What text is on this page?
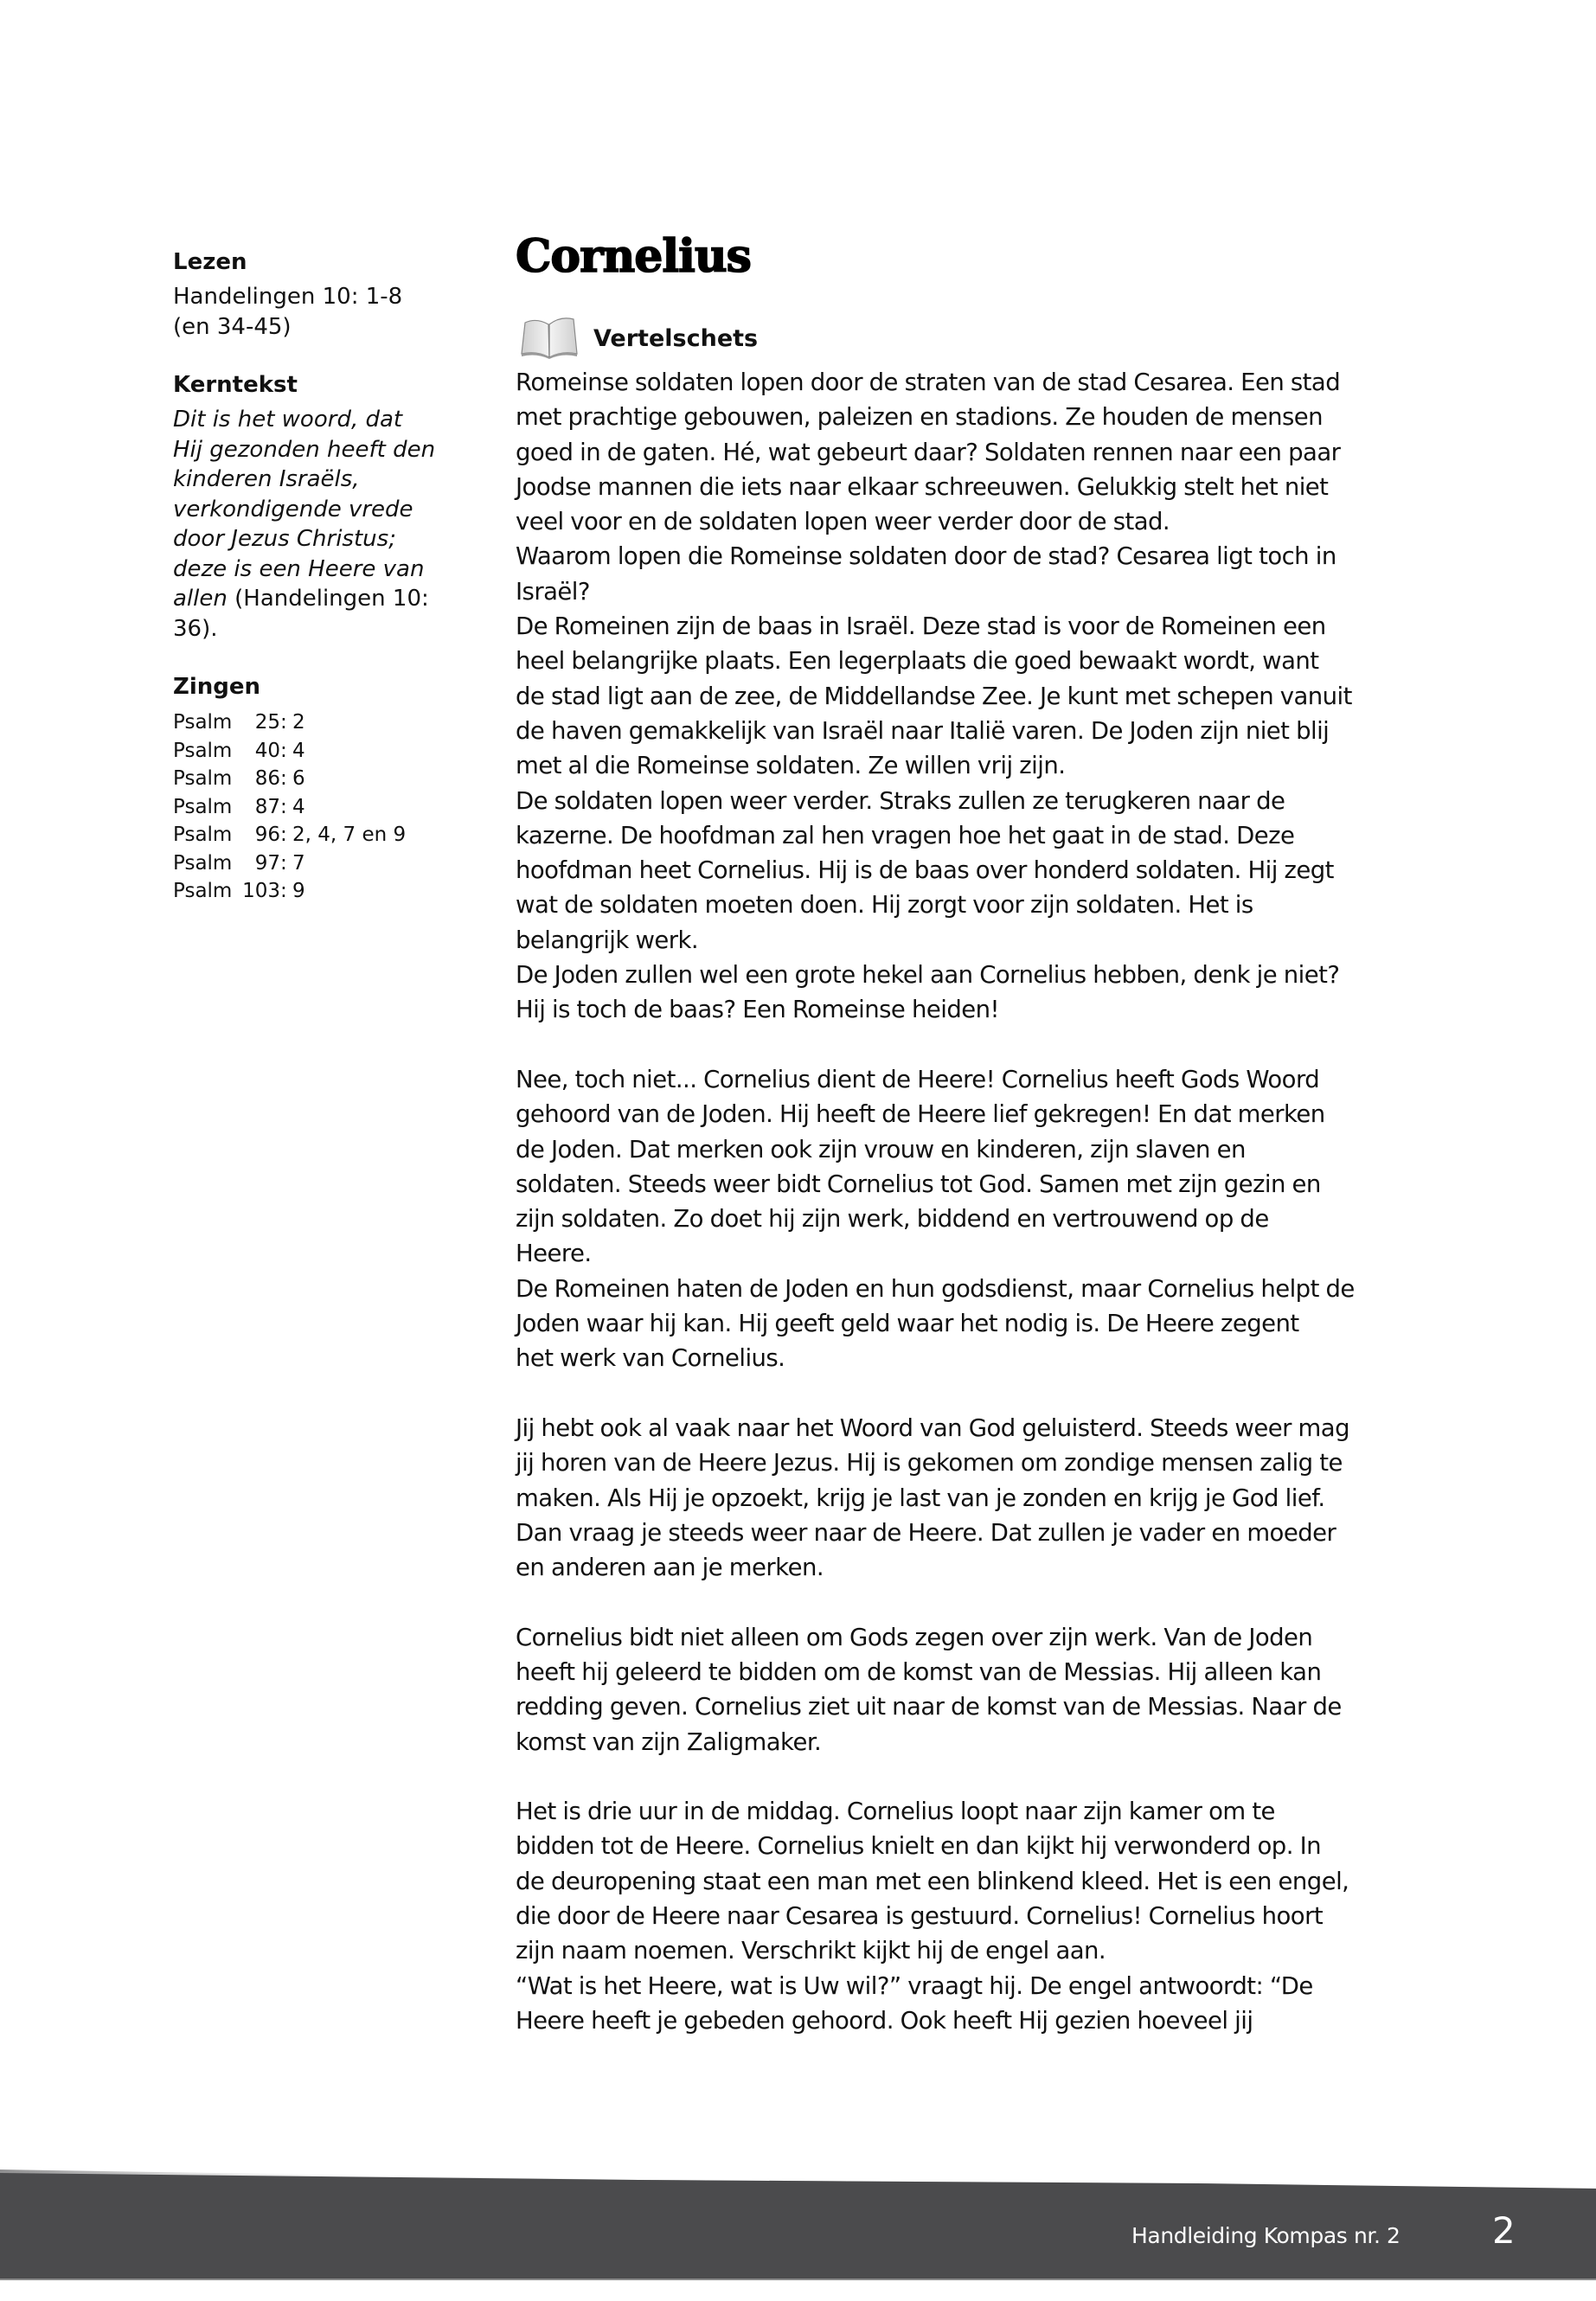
Lezen
Handelingen 10: 1-8
(en 34-45)
Kerntekst
Dit is het woord, dat
Hij gezonden heeft den
kinderen Israëls,
verkondigende vrede
door Jezus Christus;
deze is een Heere van
allen (Handelingen 10:
36).
Zingen
Psalm	25 : 2
Psalm	40 : 4
Psalm	86 : 6
Psalm	87 : 4
Psalm	96 : 2, 4, 7 en 9
Psalm	97 : 7
Psalm 103 : 9
Cornelius
Vertelschets
Romeinse soldaten lopen door de straten van de stad Cesarea. Een stad
met prachtige gebouwen, paleizen en stadions. Ze houden de mensen
goed in de gaten. Hé, wat gebeurt daar? Soldaten rennen naar een paar
Joodse mannen die iets naar elkaar schreeuwen. Gelukkig stelt het niet
veel voor en de soldaten lopen weer verder door de stad.
Waarom lopen die Romeinse soldaten door de stad? Cesarea ligt toch in
Israël?
De Romeinen zijn de baas in Israël. Deze stad is voor de Romeinen een
heel belangrijke plaats. Een legerplaats die goed bewaakt wordt, want
de stad ligt aan de zee, de Middellandse Zee. Je kunt met schepen vanuit
de haven gemakkelijk van Israël naar Italië varen. De Joden zijn niet blij
met al die Romeinse soldaten. Ze willen vrij zijn.
De soldaten lopen weer verder. Straks zullen ze terugkeren naar de
kazerne. De hoofdman zal hen vragen hoe het gaat in de stad. Deze
hoofdman heet Cornelius. Hij is de baas over honderd soldaten. Hij zegt
wat de soldaten moeten doen. Hij zorgt voor zijn soldaten. Het is
belangrijk werk.
De Joden zullen wel een grote hekel aan Cornelius hebben, denk je niet?
Hij is toch de baas? Een Romeinse heiden!
Nee, toch niet... Cornelius dient de Heere! Cornelius heeft Gods Woord
gehoord van de Joden. Hij heeft de Heere lief gekregen! En dat merken
de Joden. Dat merken ook zijn vrouw en kinderen, zijn slaven en
soldaten. Steeds weer bidt Cornelius tot God. Samen met zijn gezin en
zijn soldaten. Zo doet hij zijn werk, biddend en vertrouwend op de
Heere.
De Romeinen haten de Joden en hun godsdienst, maar Cornelius helpt de
Joden waar hij kan. Hij geeft geld waar het nodig is. De Heere zegent
het werk van Cornelius.
Jij hebt ook al vaak naar het Woord van God geluisterd. Steeds weer mag
jij horen van de Heere Jezus. Hij is gekomen om zondige mensen zalig te
maken. Als Hij je opzoekt, krijg je last van je zonden en krijg je God lief.
Dan vraag je steeds weer naar de Heere. Dat zullen je vader en moeder
en anderen aan je merken.
Cornelius bidt niet alleen om Gods zegen over zijn werk. Van de Joden
heeft hij geleerd te bidden om de komst van de Messias. Hij alleen kan
redding geven. Cornelius ziet uit naar de komst van de Messias. Naar de
komst van zijn Zaligmaker.
Het is drie uur in de middag. Cornelius loopt naar zijn kamer om te
bidden tot de Heere. Cornelius knielt en dan kijkt hij verwonderd op. In
de deuropening staat een man met een blinkend kleed. Het is een engel,
die door de Heere naar Cesarea is gestuurd. Cornelius! Cornelius hoort
zijn naam noemen. Verschrikt kijkt hij de engel aan.
“Wat is het Heere, wat is Uw wil?” vraagt hij. De engel antwoordt: “De
Heere heeft je gebeden gehoord. Ook heeft Hij gezien hoeveel jij
Handleiding Kompas nr. 2	2
